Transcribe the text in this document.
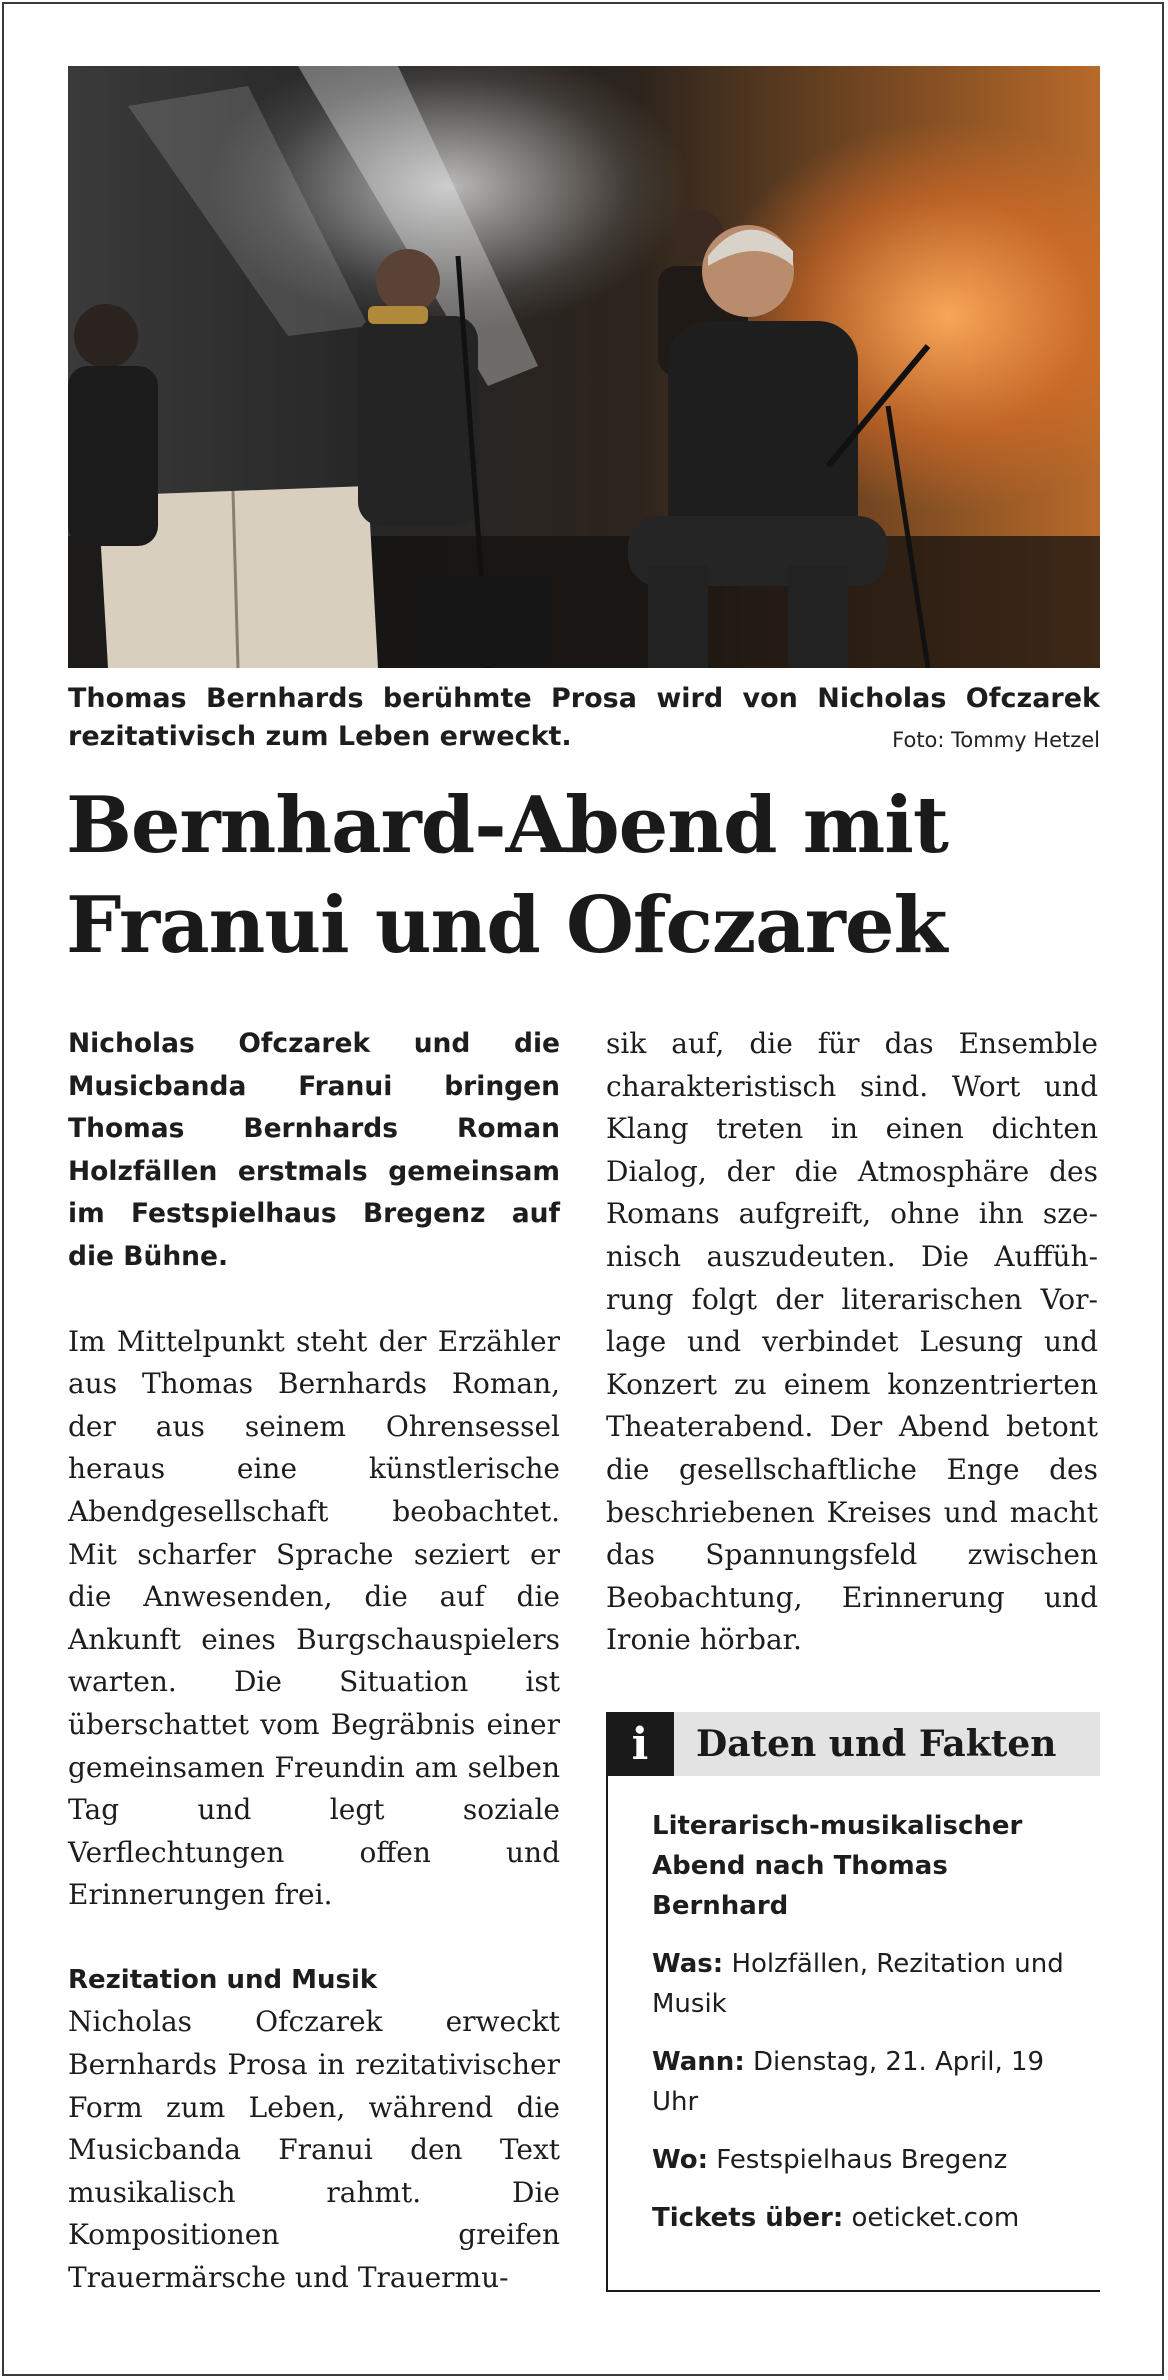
Thomas Bernhards berühmte Prosa wird von Nicholas Ofczarek rezitativisch zum Leben erweckt.	Foto: Tommy Hetzel
Bernhard-Abend mit Franui und Ofczarek

Nicholas Ofczarek und die Musicbanda Franui bringen Thomas Bernhards Roman Holzfällen erstmals gemeinsam im Festspielhaus Bregenz auf die Bühne.

Im Mittelpunkt steht der Erzähler aus Thomas Bernhards Roman, der aus seinem Ohrensessel heraus eine künstlerische Abendgesellschaft beobachtet. Mit scharfer Sprache seziert er die Anwesenden, die auf die Ankunft eines Burgschauspielers warten. Die Situation ist überschattet vom Begräbnis einer gemeinsamen Freundin am selben Tag und legt soziale Verflechtungen offen und Erinnerungen frei.

Rezitation und Musik
Nicholas Ofczarek erweckt Bernhards Prosa in rezitativischer Form zum Leben, während die Musicbanda Franui den Text musikalisch rahmt. Die Kompositionen greifen Trauermärsche und Trauermu-
sik auf, die für das Ensemble charakteristisch sind. Wort und Klang treten in einen dichten Dialog, der die Atmosphäre des Romans aufgreift, ohne ihn szenisch auszudeuten. Die Aufführung folgt der literarischen Vorlage und verbindet Lesung und Konzert zu einem konzentrierten Theaterabend. Der Abend betont die gesellschaftliche Enge des beschriebenen Kreises und macht das Spannungsfeld zwischen Beobachtung, Erinnerung und Ironie hörbar.
i	Daten und Fakten
Literarisch-musikalischer Abend nach Thomas Bernhard
Was: Holzfällen, Rezitation und Musik
Wann: Dienstag, 21. April, 19 Uhr
Wo: Festspielhaus Bregenz
Tickets über: oeticket.com
